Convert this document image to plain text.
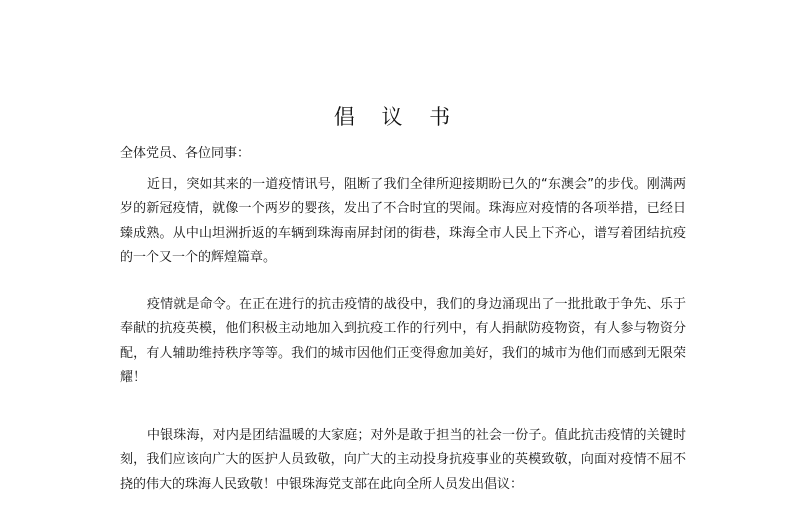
倡 议 书
全体党员、各位同事：

近日，突如其来的一道疫情讯号，阻断了我们全律所迎接期盼已久的“东澳会”的步伐。刚满两岁的新冠疫情，就像一个两岁的婴孩，发出了不合时宜的哭闹。珠海应对疫情的各项举措，已经日臻成熟。从中山坦洲折返的车辆到珠海南屏封闭的街巷，珠海全市人民上下齐心，谱写着团结抗疫的一个又一个的辉煌篇章。

疫情就是命令。在正在进行的抗击疫情的战役中，我们的身边涌现出了一批批敢于争先、乐于奉献的抗疫英模，他们积极主动地加入到抗疫工作的行列中，有人捐献防疫物资，有人参与物资分配，有人辅助维持秩序等等。我们的城市因他们正变得愈加美好，我们的城市为他们而感到无限荣耀！

中银珠海，对内是团结温暖的大家庭；对外是敢于担当的社会一份子。值此抗击疫情的关键时刻，我们应该向广大的医护人员致敬，向广大的主动投身抗疫事业的英模致敬，向面对疫情不屈不挠的伟大的珠海人民致敬！中银珠海党支部在此向全所人员发出倡议：
